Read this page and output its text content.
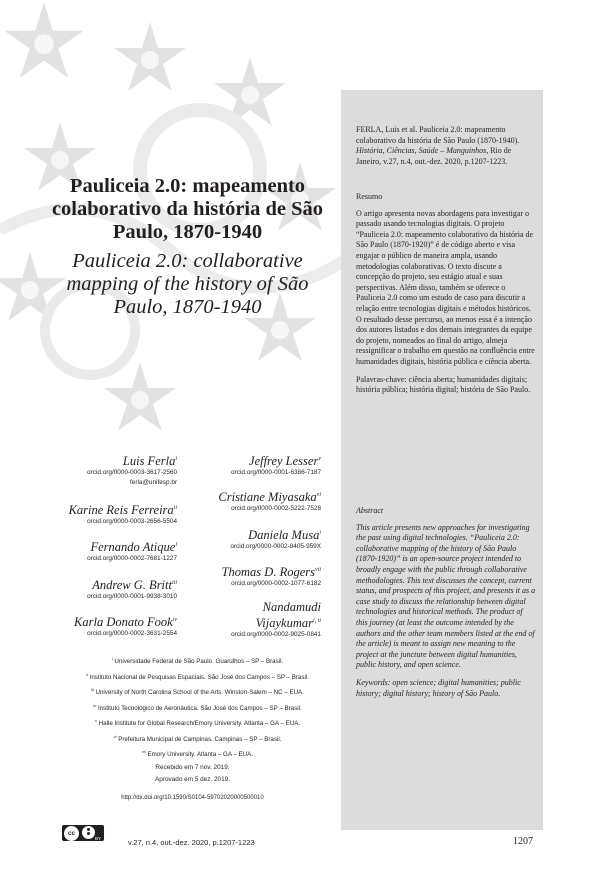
Pauliceia 2.0: mapeamento colaborativo da história de São Paulo, 1870-1940

Pauliceia 2.0: collaborative mapping of the history of São Paulo, 1870-1940

Luis Ferla$^i$
orcid.org/0000-0003-3617-2560
ferla@unifesp.br
Karine Reis Ferreira$^{ii}$
orcid.org/0000-0003-2656-5504
Fernando Atique$^i$
orcid.org/0000-0002-7681-1227
Andrew G. Britt$^{iii}$
orcid.org/0000-0001-9938-3010
Karla Donato Fook$^{iv}$
orcid.org/0000-0002-3631-2554
Jeffrey Lesser$^v$
orcid.org/0000-0001-6386-7187
Cristiane Miyasaka$^{vi}$
orcid.org/0000-0002-5222-7528
Daniela Musa$^i$
orcid.org/0000-0002-8405-959X
Thomas D. Rogers$^{vii}$
orcid.org/0000-0002-1077-6182
Nandamudi
Vijaykumar$^{i, ii}$
orcid.org/0000-0002-9025-0841
$^i$ Universidade Federal de São Paulo. Guarulhos – SP – Brasil.
$^{ii}$ Instituto Nacional de Pesquisas Espaciais. São José dos Campos – SP – Brasil.
$^{iii}$ University of North Carolina School of the Arts. Winston-Salem – NC – EUA.
$^{iv}$ Instituto Tecnológico de Aeronáutica. São José dos Campos – SP – Brasil.
$^v$ Halle Institute for Global Research/Emory University. Atlanta – GA – EUA.
$^{vi}$ Prefeitura Municipal de Campinas. Campinas – SP – Brasil.
$^{vii}$ Emory University. Atlanta – GA – EUA.
Recebido em 7 nov. 2019.
Aprovado em 5 dez. 2019.
http://dx.doi.org/10.1590/S0104-59702020000500010
FERLA, Luis et al. Pauliceia 2.0: mapeamento colaborativo da história de São Paulo (1870-1940). História, Ciências, Saúde – Manguinhos, Rio de Janeiro, v.27, n.4, out.-dez. 2020, p.1207-1223.
Resumo
O artigo apresenta novas abordagens para investigar o passado usando tecnologias digitais. O projeto “Pauliceia 2.0: mapeamento colaborativo da história de São Paulo (1870-1920)” é de código aberto e visa engajar o público de maneira ampla, usando metodologias colaborativas. O texto discute a concepção do projeto, seu estágio atual e suas perspectivas. Além disso, também se oferece o Pauliceia 2.0 como um estudo de caso para discutir a relação entre tecnologias digitais e métodos históricos. O resultado desse percurso, ao menos essa é a intenção dos autores listados e dos demais integrantes da equipe do projeto, nomeados ao final do artigo, almeja ressignificar o trabalho em questão na confluência entre humanidades digitais, história pública e ciência aberta.
Palavras-chave: ciência aberta; humanidades digitais; história pública; história digital; história de São Paulo.
Abstract
This article presents new approaches for investigating the past using digital technologies. “Pauliceia 2.0: collaborative mapping of the history of São Paulo (1870-1920)” is an open-source project intended to broadly engage with the public through collaborative methodologies. This text discusses the concept, current status, and prospects of this project, and presents it as a case study to discuss the relationship between digital technologies and historical methods. The product of this journey (at least the outcome intended by the authors and the other team members listed at the end of the article) is meant to assign new meaning to the project at the juncture between digital humanities, public history, and open science.
Keywords: open science; digital humanities; public history; digital history; history of São Paulo.
cc
BY	v.27, n.4, out.-dez. 2020, p.1207-1223	1207
